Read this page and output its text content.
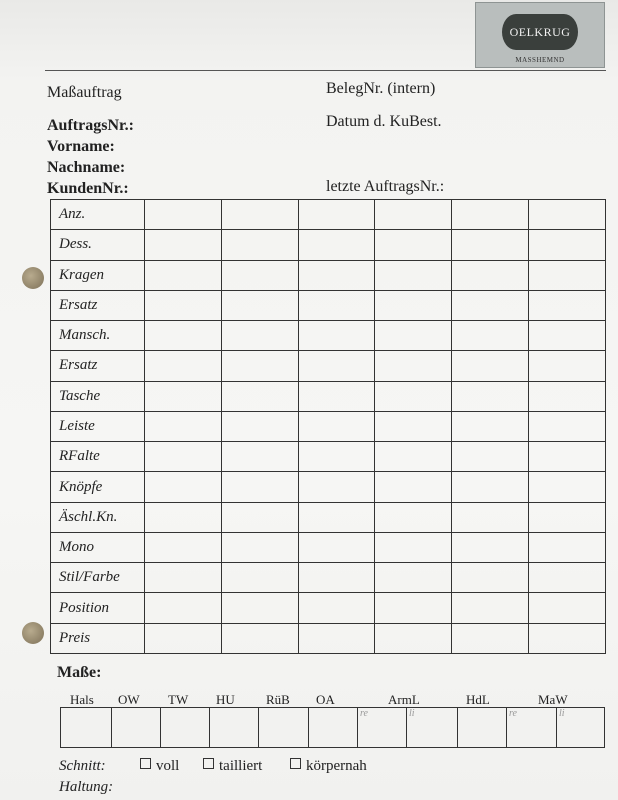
OELKRUG
MASSHEMND
Maßauftrag	BelegNr. (intern)
Datum d. KuBest.
AuftragsNr.:
Vorname:
Nachname:
KundenNr.:	letzte AuftragsNr.:
Anz.						
Dess.						
Kragen						
Ersatz						
Mansch.						
Ersatz						
Tasche						
Leiste						
RFalte						
Knöpfe						
Äschl.Kn.						
Mono						
Stil/Farbe						
Position						
Preis						
Maße:
Hals OW TW HU RüB OA	ArmL	HdL	MaW
re	li	re	li
Schnitt:	voll	tailliert	körpernah
Haltung:
